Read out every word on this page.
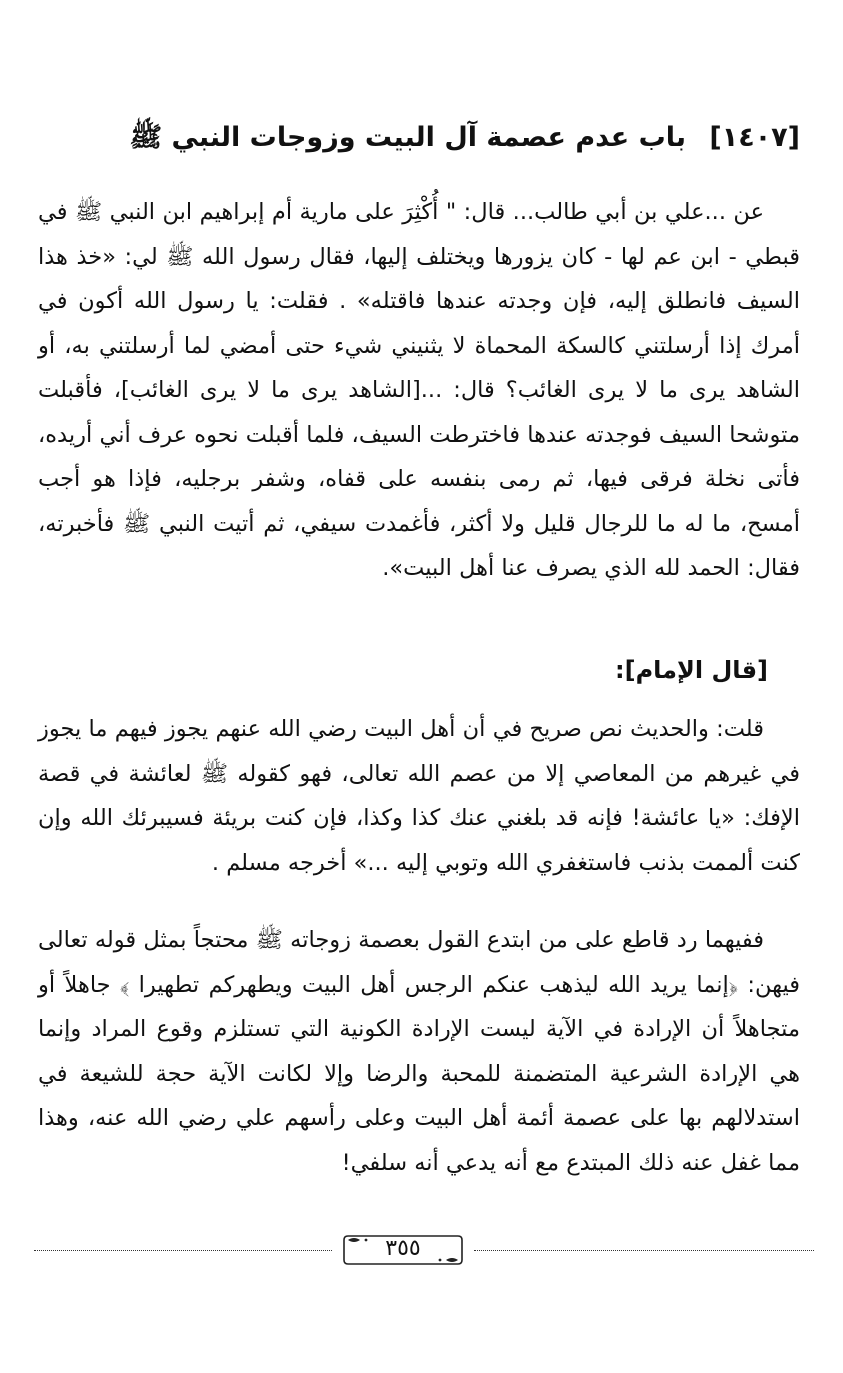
[١٤٠٧] باب عدم عصمة آل البيت وزوجات النبي ﷺ

عن ...علي بن أبي طالب... قال: " أُكْثِرَ على مارية أم إبراهيم ابن النبي ﷺ في قبطي - ابن عم لها - كان يزورها ويختلف إليها، فقال رسول الله ﷺ لي: «خذ هذا السيف فانطلق إليه، فإن وجدته عندها فاقتله» . فقلت: يا رسول الله أكون في أمرك إذا أرسلتني كالسكة المحماة لا يثنيني شيء حتى أمضي لما أرسلتني به، أو الشاهد يرى ما لا يرى الغائب؟ قال: ...[الشاهد يرى ما لا يرى الغائب]، فأقبلت متوشحا السيف فوجدته عندها فاخترطت السيف، فلما أقبلت نحوه عرف أني أريده، فأتى نخلة فرقى فيها، ثم رمى بنفسه على قفاه، وشفر برجليه، فإذا هو أجب أمسح، ما له ما للرجال قليل ولا أكثر، فأغمدت سيفي، ثم أتيت النبي ﷺ فأخبرته، فقال: الحمد لله الذي يصرف عنا أهل البيت».

[قال الإمام]:

قلت: والحديث نص صريح في أن أهل البيت رضي الله عنهم يجوز فيهم ما يجوز في غيرهم من المعاصي إلا من عصم الله تعالى، فهو كقوله ﷺ لعائشة في قصة الإفك: «يا عائشة! فإنه قد بلغني عنك كذا وكذا، فإن كنت بريئة فسيبرئك الله وإن كنت ألممت بذنب فاستغفري الله وتوبي إليه ...» أخرجه مسلم .

ففيهما رد قاطع على من ابتدع القول بعصمة زوجاته ﷺ محتجاً بمثل قوله تعالى فيهن: ﴿إنما يريد الله ليذهب عنكم الرجس أهل البيت ويطهركم تطهيرا ﴾ جاهلاً أو متجاهلاً أن الإرادة في الآية ليست الإرادة الكونية التي تستلزم وقوع المراد وإنما هي الإرادة الشرعية المتضمنة للمحبة والرضا وإلا لكانت الآية حجة للشيعة في استدلالهم بها على عصمة أئمة أهل البيت وعلى رأسهم علي رضي الله عنه، وهذا مما غفل عنه ذلك المبتدع مع أنه يدعي أنه سلفي!

٣٥٥
